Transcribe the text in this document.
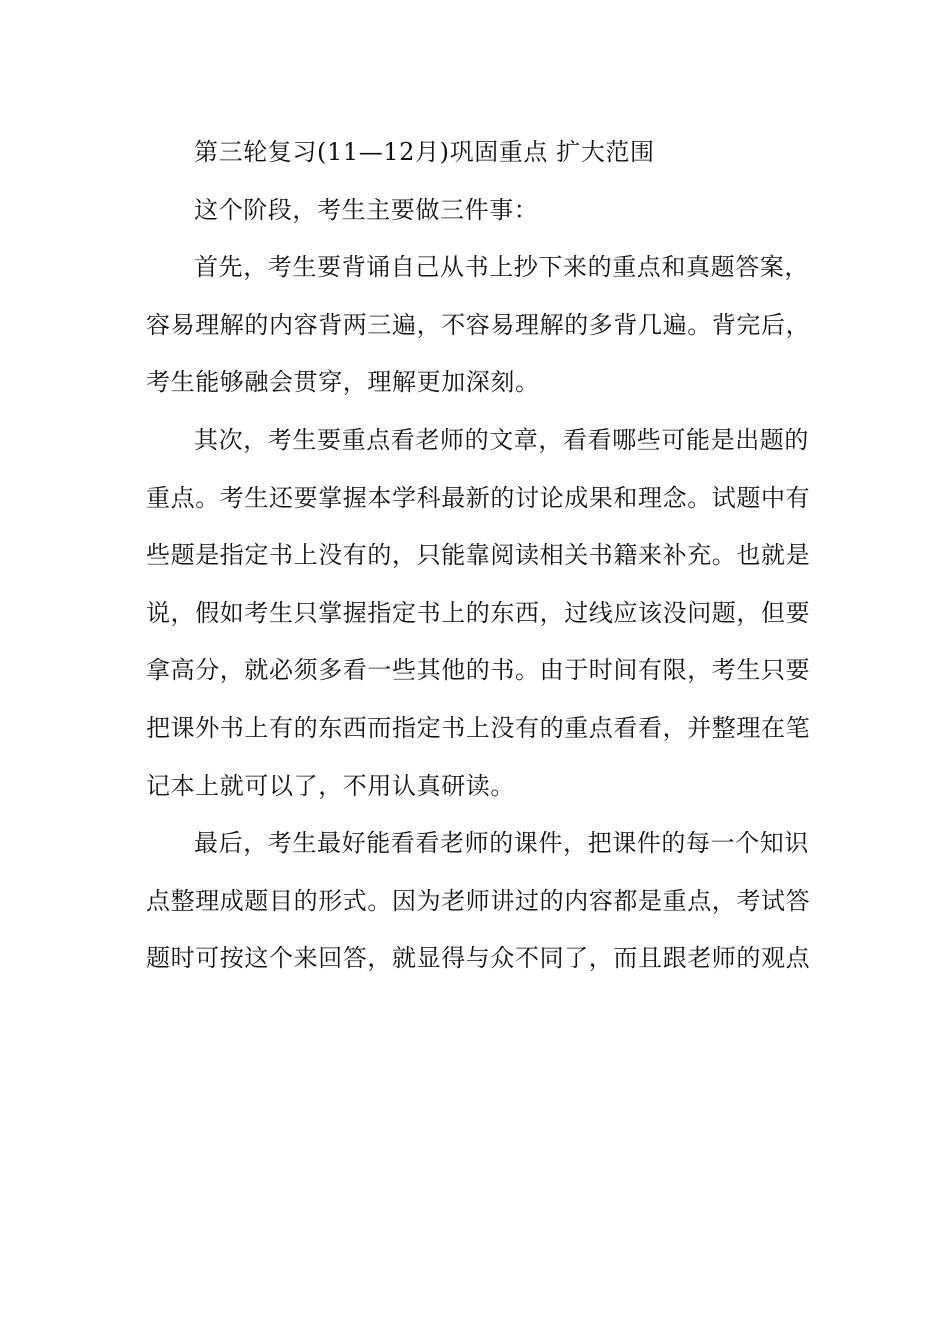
第三轮复习(11—12月)巩固重点 扩大范围

这个阶段，考生主要做三件事：

首先，考生要背诵自己从书上抄下来的重点和真题答案，
容易理解的内容背两三遍，不容易理解的多背几遍。背完后，
考生能够融会贯穿，理解更加深刻。

其次，考生要重点看老师的文章，看看哪些可能是出题的
重点。考生还要掌握本学科最新的讨论成果和理念。试题中有
些题是指定书上没有的，只能靠阅读相关书籍来补充。也就是
说，假如考生只掌握指定书上的东西，过线应该没问题，但要
拿高分，就必须多看一些其他的书。由于时间有限，考生只要
把课外书上有的东西而指定书上没有的重点看看，并整理在笔
记本上就可以了，不用认真研读。

最后，考生最好能看看老师的课件，把课件的每一个知识
点整理成题目的形式。因为老师讲过的内容都是重点，考试答
题时可按这个来回答，就显得与众不同了，而且跟老师的观点
